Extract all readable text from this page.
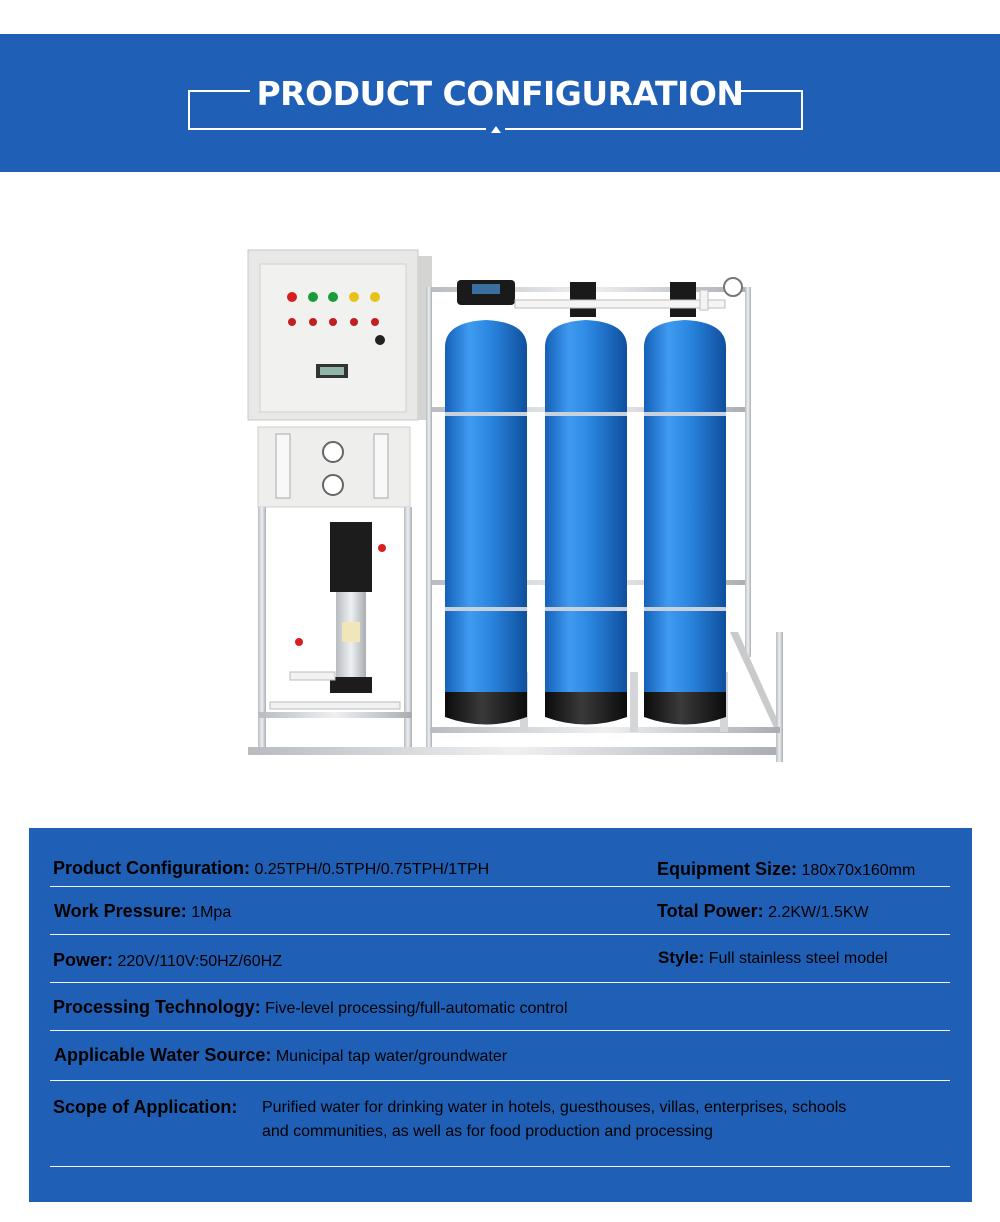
PRODUCT CONFIGURATION
Product Configuration: 0.25TPH/0.5TPH/0.75TPH/1TPH	Equipment Size: 180x70x160mm
Work Pressure: 1Mpa	Total Power: 2.2KW/1.5KW
Power: 220V/110V:50HZ/60HZ	Style: Full stainless steel model
Processing Technology: Five-level processing/full-automatic control
Applicable Water Source: Municipal tap water/groundwater
Scope of Application: Purified water for drinking water in hotels, guesthouses, villas, enterprises, schools
and communities, as well as for food production and processing
